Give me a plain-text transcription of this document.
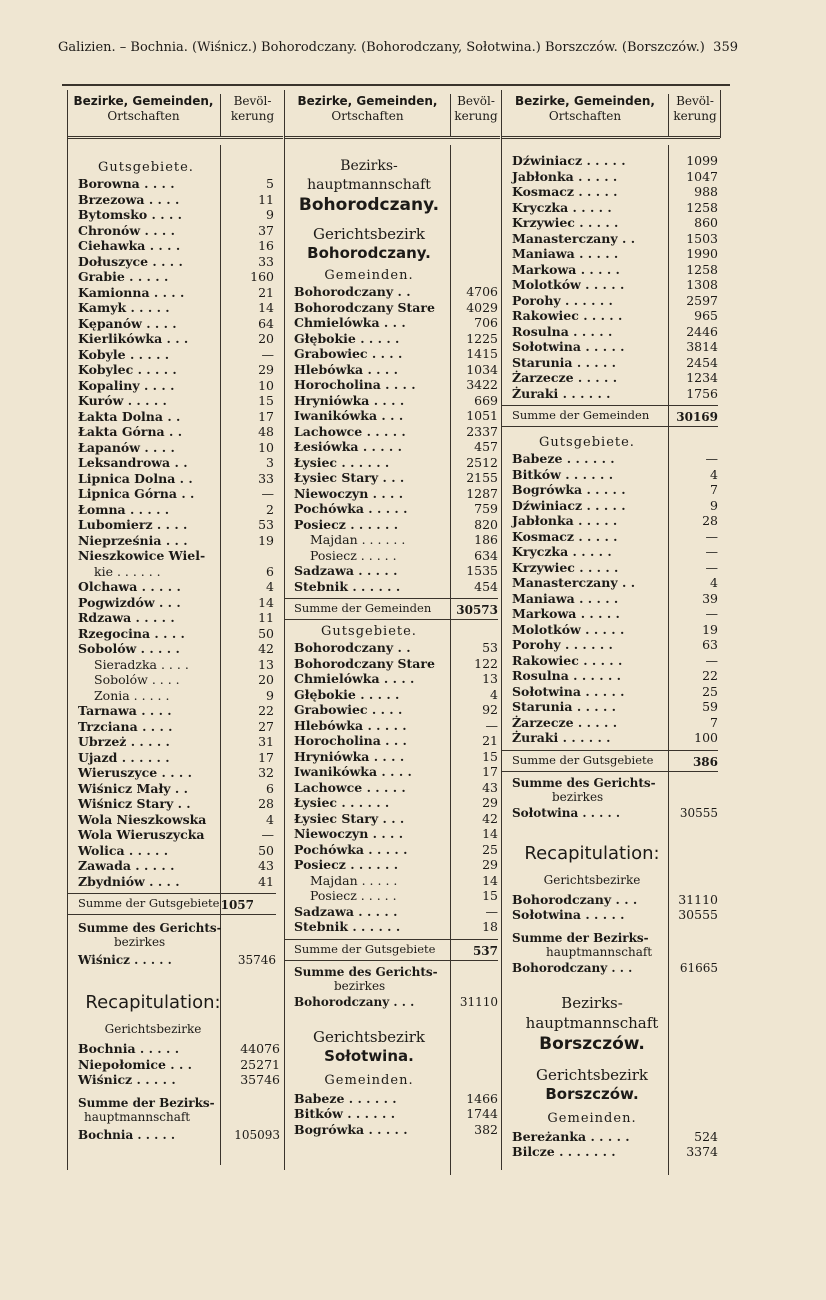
Galizien. – Bochnia. (Wiśnicz.) Bohorodczany. (Bohorodczany, Sołotwina.) Borszczów. (Borszczów.) 359
Bezirke, Gemeinden,
Ortschaften
Bevöl-
kerung
Bezirke, Gemeinden,
Ortschaften
Bevöl-
kerung
Bezirke, Gemeinden,
Ortschaften
Bevöl-
kerung
Gutsgebiete.
Borowna . . . .	5
Brzezowa . . . .	11
Bytomsko . . . .	9
Chronów . . . .	37
Ciehawka . . . .	16
Dołuszyce . . . .	33
Grabie . . . . .	160
Kamionna . . . .	21
Kamyk . . . . .	14
Kępanów . . . .	64
Kierlikówka . . .	20
Kobyle . . . . .	—
Kobylec . . . . .	29
Kopaliny . . . .	10
Kurów . . . . .	15
Łakta Dolna . .	17
Łakta Górna . .	48
Łapanów . . . .	10
Leksandrowa . .	3
Lipnica Dolna . .	33
Lipnica Górna . .	—
Łomna . . . . .	2
Lubomierz . . . .	53
Nieprześnia . . .	19
Nieszkowice Wiel-
kie . . . . . .	6
Olchawa . . . . .	4
Pogwizdów . . .	14
Rdzawa . . . . .	11
Rzegocina . . . .	50
Sobolów . . . . .	42
Sieradzka . . . .	13
Sobolów . . . .	20
Zonia . . . . .	9
Tarnawa . . . .	22
Trzciana . . . .	27
Ubrzeż . . . . .	31
Ujazd . . . . . .	17
Wieruszyce . . . .	32
Wiśnicz Mały . .	6
Wiśnicz Stary . .	28
Wola Nieszkowska	4
Wola Wieruszycka	—
Wolica . . . . .	50
Zawada . . . . .	43
Zbydniów . . . .	41
Summe der Gutsgebiete 1057
Summe des Gerichts-
bezirkes
Wiśnicz . . . . .	35746
Recapitulation:
Gerichtsbezirke
Bochnia . . . . .	44076
Niepołomice . . .	25271
Wiśnicz . . . . .	35746
Summe der Bezirks-
hauptmannschaft
Bochnia . . . . .	105093
Bezirks-
hauptmannschaft
Bohorodczany.
Gerichtsbezirk
Bohorodczany.
Gemeinden.
Bohorodczany . .	4706
Bohorodczany Stare 4029
Chmielówka . . .	706
Głębokie . . . . .	1225
Grabowiec . . . .	1415
Hlebówka . . . .	1034
Horocholina . . . .	3422
Hryniówka . . . .	669
Iwanikówka . . .	1051
Lachowce . . . . .	2337
Łesiówka . . . . .	457
Łysiec . . . . . .	2512
Łysiec Stary . . .	2155
Niewoczyn . . . .	1287
Pochówka . . . . .	759
Posiecz . . . . . .	820
Majdan . . . . . .	186
Posiecz . . . . .	634
Sadzawa . . . . .	1535
Stebnik . . . . . .	454
Summe der Gemeinden 30573
Gutsgebiete.
Bohorodczany . .	53
Bohorodczany Stare	122
Chmielówka . . . .	13
Głębokie . . . . .	4
Grabowiec . . . .	92
Hlebówka . . . . .	—
Horocholina . . .	21
Hryniówka . . . .	15
Iwanikówka . . . .	17
Lachowce . . . . .	43
Łysiec . . . . . .	29
Łysiec Stary . . .	42
Niewoczyn . . . .	14
Pochówka . . . . .	25
Posiecz . . . . . .	29
Majdan . . . . .	14
Posiecz . . . . .	15
Sadzawa . . . . .	—
Stebnik . . . . . .	18
Summe der Gutsgebiete	537
Summe des Gerichts-
bezirkes
Bohorodczany . . .	31110
Gerichtsbezirk
Sołotwina.
Gemeinden.
Babeze . . . . . .	1466
Bitków . . . . . .	1744
Bogrówka . . . . .	382
Dźwiniacz . . . . .	1099
Jabłonka . . . . .	1047
Kosmacz . . . . .	988
Kryczka . . . . .	1258
Krzywiec . . . . .	860
Manasterczany . .	1503
Maniawa . . . . .	1990
Markowa . . . . .	1258
Molotków . . . . .	1308
Porohy . . . . . .	2597
Rakowiec . . . . .	965
Rosulna . . . . .	2446
Sołotwina . . . . .	3814
Starunia . . . . .	2454
Żarzecze . . . . .	1234
Żuraki . . . . . .	1756
Summe der Gemeinden 30169
Gutsgebiete.
Babeze . . . . . .	—
Bitków . . . . . .	4
Bogrówka . . . . .	7
Dźwiniacz . . . . .	9
Jabłonka . . . . .	28
Kosmacz . . . . .	—
Kryczka . . . . .	—
Krzywiec . . . . .	—
Manasterczany . .	4
Maniawa . . . . .	39
Markowa . . . . .	—
Molotków . . . . .	19
Porohy . . . . . .	63
Rakowiec . . . . .	—
Rosulna . . . . . .	22
Sołotwina . . . . .	25
Starunia . . . . .	59
Żarzecze . . . . .	7
Żuraki . . . . . .	100
Summe der Gutsgebiete	386
Summe des Gerichts-
bezirkes
Sołotwina . . . . .	30555
Recapitulation:
Gerichtsbezirke
Bohorodczany . . .	31110
Sołotwina . . . . .	30555
Summe der Bezirks-
hauptmannschaft
Bohorodczany . . .	61665
Bezirks-
hauptmannschaft
Borszczów.
Gerichtsbezirk
Borszczów.
Gemeinden.
Bereżanka . . . . .	524
Bilcze . . . . . . .	3374
